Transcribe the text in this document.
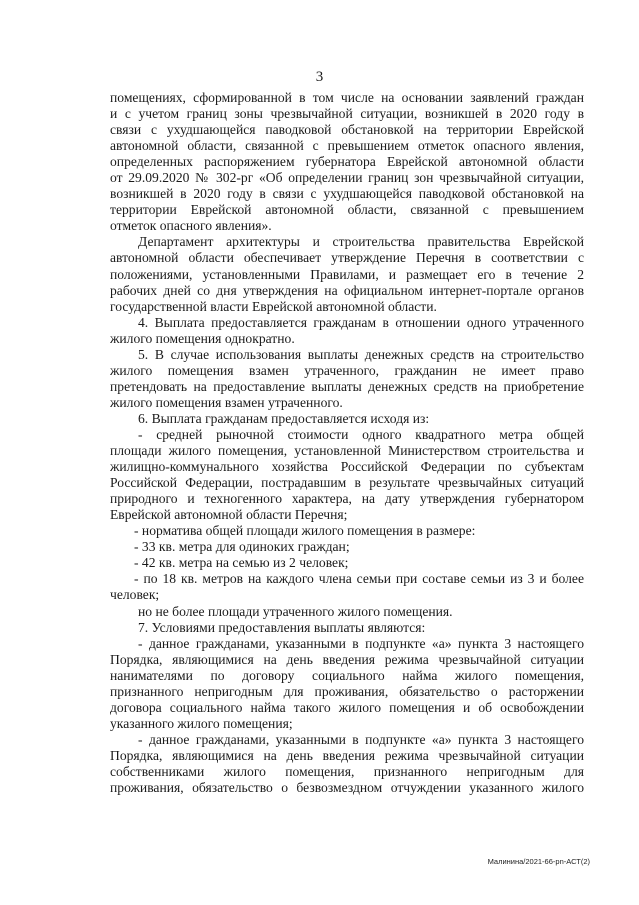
3
помещениях, сформированной в том числе на основании заявлений граждан
и с учетом границ зоны чрезвычайной ситуации, возникшей в 2020 году в
связи с ухудшающейся паводковой обстановкой на территории Еврейской
автономной области, связанной с превышением отметок опасного явления,
определенных распоряжением губернатора Еврейской автономной области
от 29.09.2020 № 302-рг «Об определении границ зон чрезвычайной ситуации,
возникшей в 2020 году в связи с ухудшающейся паводковой обстановкой на
территории Еврейской автономной области, связанной с превышением
отметок опасного явления».
Департамент архитектуры и строительства правительства Еврейской
автономной области обеспечивает утверждение Перечня в соответствии с
положениями, установленными Правилами, и размещает его в течение 2
рабочих дней со дня утверждения на официальном интернет-портале органов
государственной власти Еврейской автономной области.
4. Выплата предоставляется гражданам в отношении одного утраченного
жилого помещения однократно.
5. В случае использования выплаты денежных средств на строительство
жилого помещения взамен утраченного, гражданин не имеет право
претендовать на предоставление выплаты денежных средств на приобретение
жилого помещения взамен утраченного.
6. Выплата гражданам предоставляется исходя из:
- средней рыночной стоимости одного квадратного метра общей
площади жилого помещения, установленной Министерством строительства и
жилищно-коммунального хозяйства Российской Федерации по субъектам
Российской Федерации, пострадавшим в результате чрезвычайных ситуаций
природного и техногенного характера, на дату утверждения губернатором
Еврейской автономной области Перечня;
- норматива общей площади жилого помещения в размере:
- 33 кв. метра для одиноких граждан;
- 42 кв. метра на семью из 2 человек;
- по 18 кв. метров на каждого члена семьи при составе семьи из 3 и более
человек;
но не более площади утраченного жилого помещения.
7. Условиями предоставления выплаты являются:
- данное гражданами, указанными в подпункте «а» пункта 3 настоящего
Порядка, являющимися на день введения режима чрезвычайной ситуации
нанимателями по договору социального найма жилого помещения,
признанного непригодным для проживания, обязательство о расторжении
договора социального найма такого жилого помещения и об освобождении
указанного жилого помещения;
- данное гражданами, указанными в подпункте «а» пункта 3 настоящего
Порядка, являющимися на день введения режима чрезвычайной ситуации
собственниками жилого помещения, признанного непригодным для
проживания, обязательство о безвозмездном отчуждении указанного жилого
Малинина/2021-66-pn-АСТ(2)
